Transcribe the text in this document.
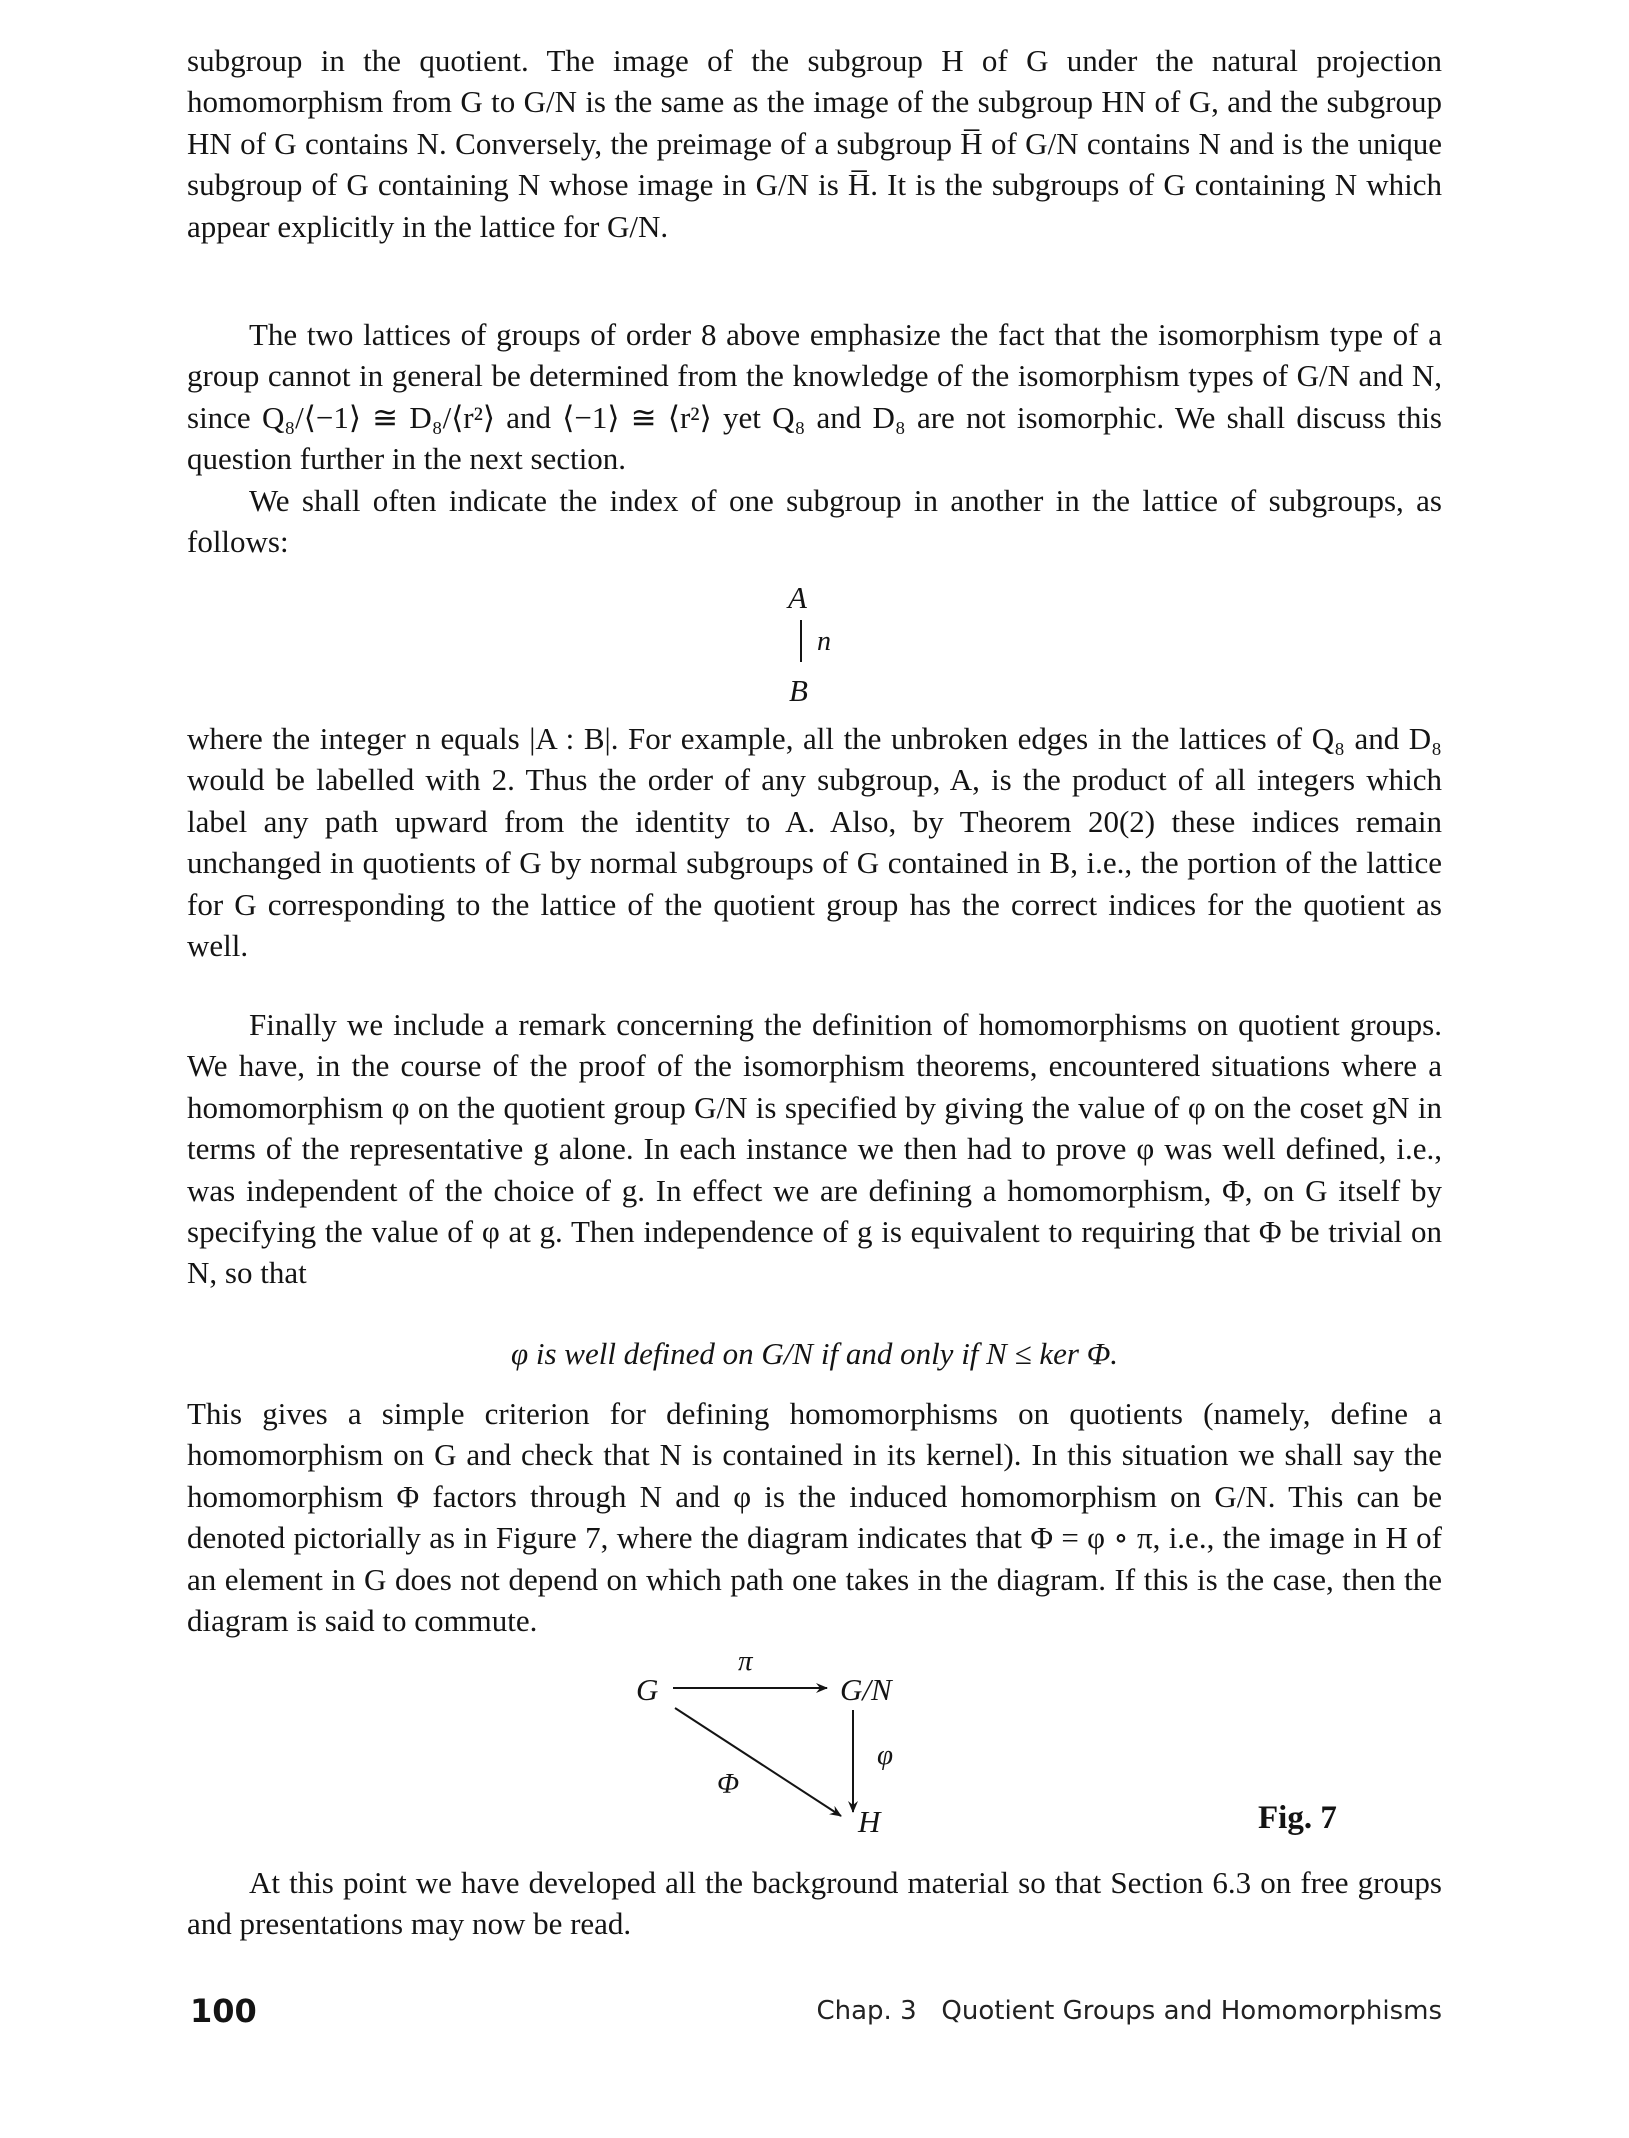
subgroup in the quotient. The image of the subgroup H of G under the natural projection homomorphism from G to G/N is the same as the image of the subgroup HN of G, and the subgroup HN of G contains N. Conversely, the preimage of a subgroup H̅ of G/N contains N and is the unique subgroup of G containing N whose image in G/N is H̅. It is the subgroups of G containing N which appear explicitly in the lattice for G/N.

The two lattices of groups of order 8 above emphasize the fact that the isomorphism type of a group cannot in general be determined from the knowledge of the isomorphism types of G/N and N, since Q₈/⟨−1⟩ ≅ D₈/⟨r²⟩ and ⟨−1⟩ ≅ ⟨r²⟩ yet Q₈ and D₈ are not isomorphic. We shall discuss this question further in the next section.

We shall often indicate the index of one subgroup in another in the lattice of subgroups, as follows:

A
n
B

where the integer n equals |A : B|. For example, all the unbroken edges in the lattices of Q₈ and D₈ would be labelled with 2. Thus the order of any subgroup, A, is the product of all integers which label any path upward from the identity to A. Also, by Theorem 20(2) these indices remain unchanged in quotients of G by normal subgroups of G contained in B, i.e., the portion of the lattice for G corresponding to the lattice of the quotient group has the correct indices for the quotient as well.

Finally we include a remark concerning the definition of homomorphisms on quotient groups. We have, in the course of the proof of the isomorphism theorems, encountered situations where a homomorphism φ on the quotient group G/N is specified by giving the value of φ on the coset gN in terms of the representative g alone. In each instance we then had to prove φ was well defined, i.e., was independent of the choice of g. In effect we are defining a homomorphism, Φ, on G itself by specifying the value of φ at g. Then independence of g is equivalent to requiring that Φ be trivial on N, so that

φ is well defined on G/N if and only if N ≤ ker Φ.

This gives a simple criterion for defining homomorphisms on quotients (namely, define a homomorphism on G and check that N is contained in its kernel). In this situation we shall say the homomorphism Φ factors through N and φ is the induced homomorphism on G/N. This can be denoted pictorially as in Figure 7, where the diagram indicates that Φ = φ ∘ π, i.e., the image in H of an element in G does not depend on which path one takes in the diagram. If this is the case, then the diagram is said to commute.

G
π
G/N
φ
Φ
H	Fig. 7

At this point we have developed all the background material so that Section 6.3 on free groups and presentations may now be read.

100	Chap. 3   Quotient Groups and Homomorphisms
